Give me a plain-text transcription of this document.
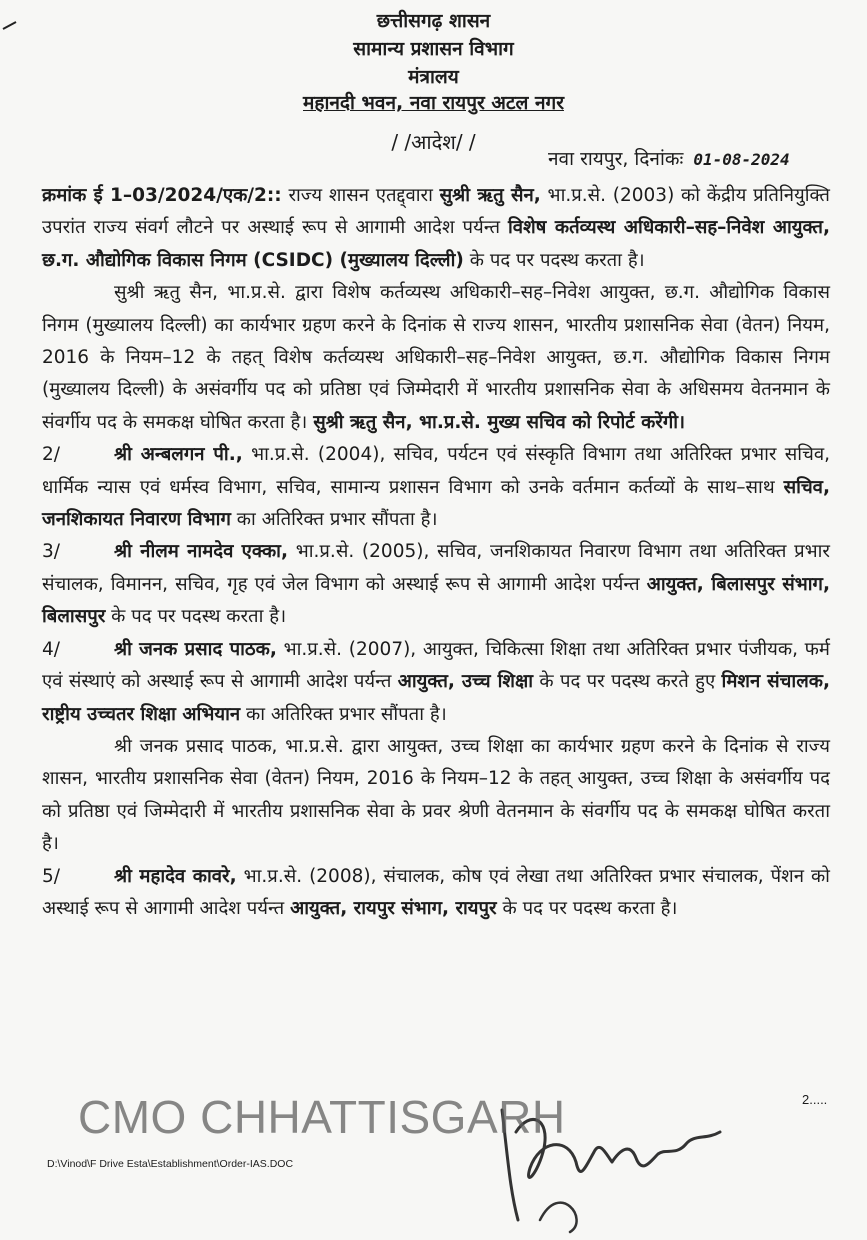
छत्तीसगढ़ शासन
सामान्य प्रशासन विभाग
मंत्रालय
महानदी भवन, नवा रायपुर अटल नगर
/ /आदेश/ /
नवा रायपुर, दिनांकः 01-08-2024

क्रमांक ई 1–03/2024/एक/2:: राज्य शासन एतद्द्वारा सुश्री ऋतु सैन, भा.प्र.से. (2003) को केंद्रीय प्रतिनियुक्ति उपरांत राज्य संवर्ग लौटने पर अस्थाई रूप से आगामी आदेश पर्यन्त विशेष कर्तव्यस्थ अधिकारी–सह–निवेश आयुक्त, छ.ग. औद्योगिक विकास निगम (CSIDC) (मुख्यालय दिल्ली) के पद पर पदस्थ करता है।

सुश्री ऋतु सैन, भा.प्र.से. द्वारा विशेष कर्तव्यस्थ अधिकारी–सह–निवेश आयुक्त, छ.ग. औद्योगिक विकास निगम (मुख्यालय दिल्ली) का कार्यभार ग्रहण करने के दिनांक से राज्य शासन, भारतीय प्रशासनिक सेवा (वेतन) नियम, 2016 के नियम–12 के तहत् विशेष कर्तव्यस्थ अधिकारी–सह–निवेश आयुक्त, छ.ग. औद्योगिक विकास निगम (मुख्यालय दिल्ली) के असंवर्गीय पद को प्रतिष्ठा एवं जिम्मेदारी में भारतीय प्रशासनिक सेवा के अधिसमय वेतनमान के संवर्गीय पद के समकक्ष घोषित करता है। सुश्री ऋतु सैन, भा.प्र.से. मुख्य सचिव को रिपोर्ट करेंगी।

2/	श्री अन्बलगन पी., भा.प्र.से. (2004), सचिव, पर्यटन एवं संस्कृति विभाग तथा अतिरिक्त प्रभार सचिव, धार्मिक न्यास एवं धर्मस्व विभाग, सचिव, सामान्य प्रशासन विभाग को उनके वर्तमान कर्तव्यों के साथ–साथ सचिव, जनशिकायत निवारण विभाग का अतिरिक्त प्रभार सौंपता है।

3/	श्री नीलम नामदेव एक्का, भा.प्र.से. (2005), सचिव, जनशिकायत निवारण विभाग तथा अतिरिक्त प्रभार संचालक, विमानन, सचिव, गृह एवं जेल विभाग को अस्थाई रूप से आगामी आदेश पर्यन्त आयुक्त, बिलासपुर संभाग, बिलासपुर के पद पर पदस्थ करता है।

4/	श्री जनक प्रसाद पाठक, भा.प्र.से. (2007), आयुक्त, चिकित्सा शिक्षा तथा अतिरिक्त प्रभार पंजीयक, फर्म एवं संस्थाएं को अस्थाई रूप से आगामी आदेश पर्यन्त आयुक्त, उच्च शिक्षा के पद पर पदस्थ करते हुए मिशन संचालक, राष्ट्रीय उच्चतर शिक्षा अभियान का अतिरिक्त प्रभार सौंपता है।

श्री जनक प्रसाद पाठक, भा.प्र.से. द्वारा आयुक्त, उच्च शिक्षा का कार्यभार ग्रहण करने के दिनांक से राज्य शासन, भारतीय प्रशासनिक सेवा (वेतन) नियम, 2016 के नियम–12 के तहत् आयुक्त, उच्च शिक्षा के असंवर्गीय पद को प्रतिष्ठा एवं जिम्मेदारी में भारतीय प्रशासनिक सेवा के प्रवर श्रेणी वेतनमान के संवर्गीय पद के समकक्ष घोषित करता है।

5/	श्री महादेव कावरे, भा.प्र.से. (2008), संचालक, कोष एवं लेखा तथा अतिरिक्त प्रभार संचालक, पेंशन को अस्थाई रूप से आगामी आदेश पर्यन्त आयुक्त, रायपुर संभाग, रायपुर के पद पर पदस्थ करता है।

CMO CHHATTISGARH	2.....
D:\Vinod\F Drive Esta\Establishment\Order-IAS.DOC
